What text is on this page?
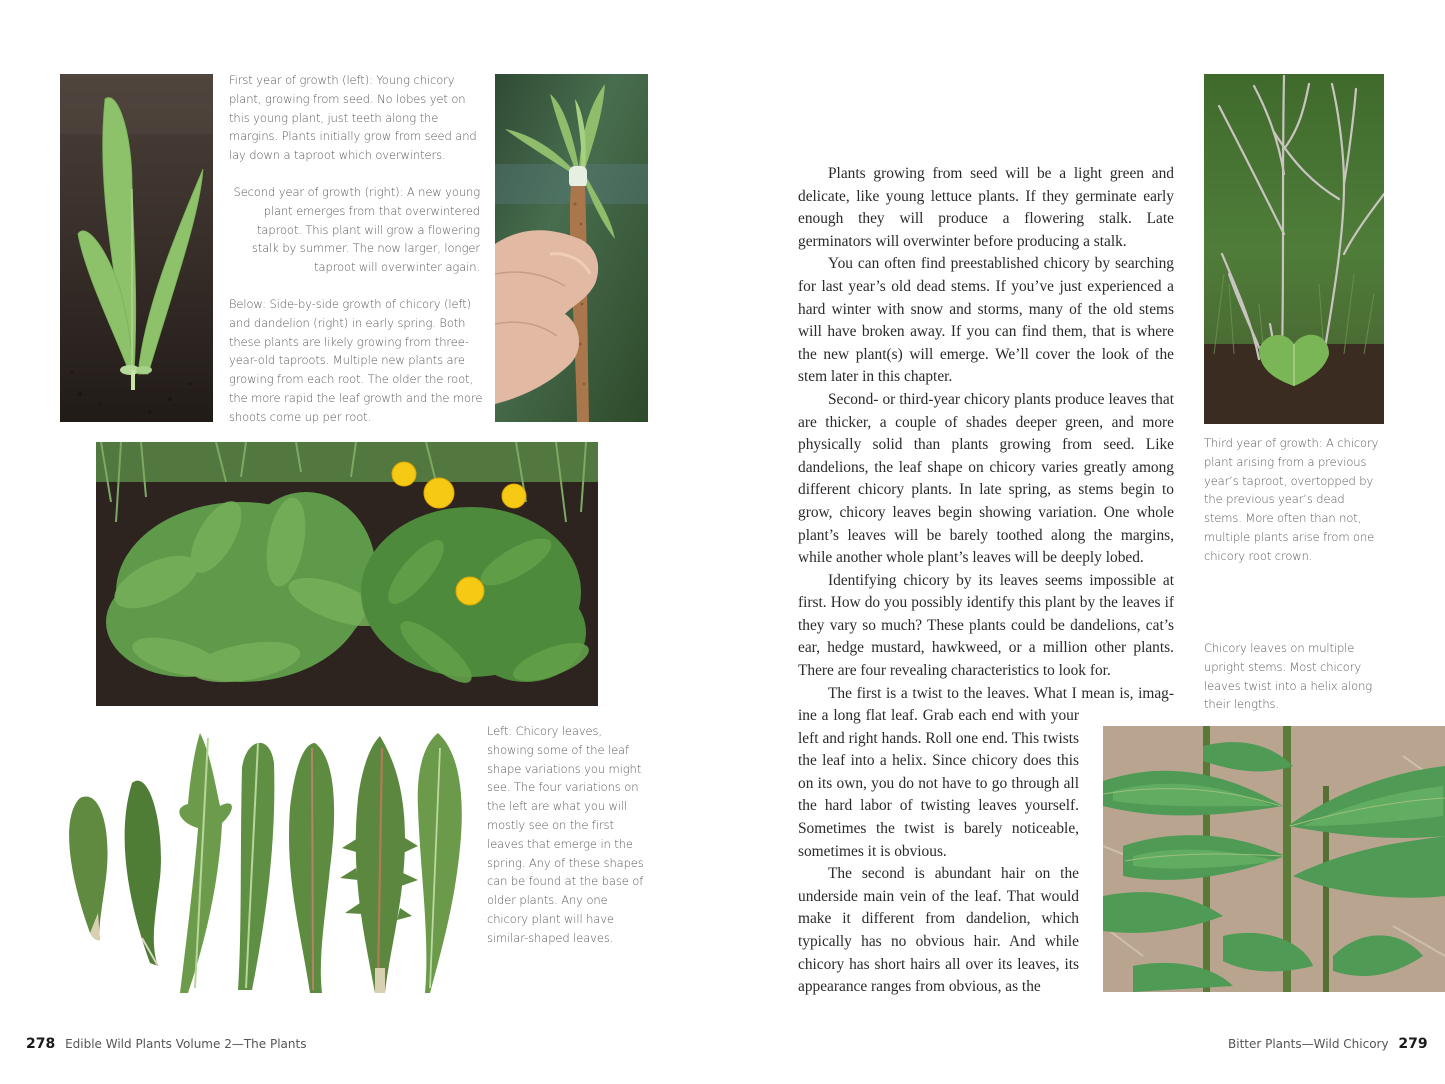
First year of growth (left): Young chicory plant, growing from seed. No lobes yet on this young plant, just teeth along the margins. Plants initially grow from seed and lay down a taproot which overwinters.

Second year of growth (right): A new young plant emerges from that overwintered taproot. This plant will grow a flowering stalk by summer. The now larger, longer taproot will overwinter again.

Below: Side-by-side growth of chicory (left) and dandelion (right) in early spring. Both these plants are likely growing from three-year-old taproots. Multiple new plants are growing from each root. The older the root, the more rapid the leaf growth and the more shoots come up per root.

Left: Chicory leaves, showing some of the leaf shape variations you might see. The four variations on the left are what you will mostly see on the first leaves that emerge in the spring. Any of these shapes can be found at the base of older plants. Any one chicory plant will have similar-shaped leaves.

278 Edible Wild Plants Volume 2—The Plants

Plants growing from seed will be a light green and delicate, like young lettuce plants. If they germinate early enough they will produce a flowering stalk. Late germinators will overwinter before producing a stalk.

You can often find preestablished chicory by searching for last year’s old dead stems. If you’ve just experienced a hard winter with snow and storms, many of the old stems will have broken away. If you can find them, that is where the new plant(s) will emerge. We’ll cover the look of the stem later in this chapter.

Second- or third-year chicory plants produce leaves that are thicker, a couple of shades deeper green, and more physically solid than plants growing from seed. Like dandelions, the leaf shape on chicory varies greatly among different chicory plants. In late spring, as stems begin to grow, chicory leaves begin showing variation. One whole plant’s leaves will be barely toothed along the margins, while another whole plant’s leaves will be deeply lobed.

Identifying chicory by its leaves seems impossible at first. How do you possibly identify this plant by the leaves if they vary so much? These plants could be dandelions, cat’s ear, hedge mustard, hawkweed, or a million other plants. There are four revealing characteristics to look for.

The first is a twist to the leaves. What I mean is, imag-

ine a long flat leaf. Grab each end with your left and right hands. Roll one end. This twists the leaf into a helix. Since chicory does this on its own, you do not have to go through all the hard labor of twisting leaves yourself. Sometimes the twist is barely noticeable, sometimes it is obvious.

The second is abundant hair on the underside main vein of the leaf. That would make it different from dandelion, which typically has no obvious hair. And while chicory has short hairs all over its leaves, its appearance ranges from obvious, as the

Third year of growth: A chicory plant arising from a previous year’s taproot, overtopped by the previous year’s dead stems. More often than not, multiple plants arise from one chicory root crown.

Chicory leaves on multiple upright stems. Most chicory leaves twist into a helix along their lengths.

Bitter Plants—Wild Chicory 279
